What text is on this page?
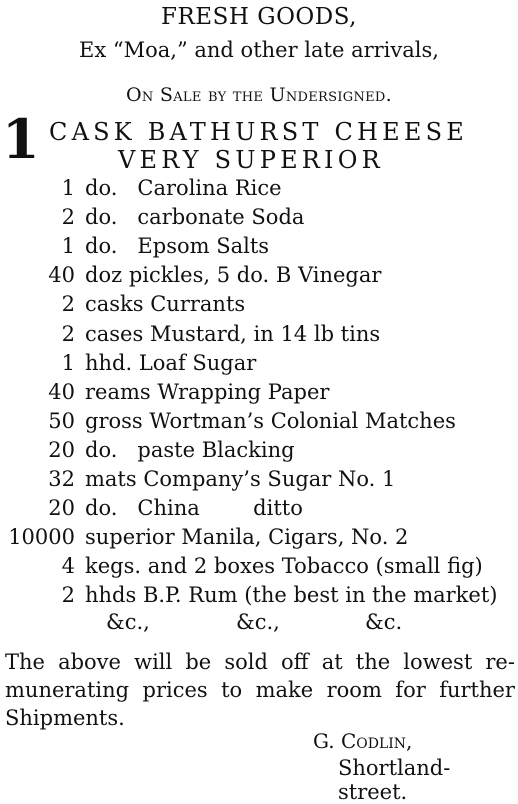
FRESH GOODS,
Ex “Moa,” and other late arrivals,
On Sale by the Undersigned.
1 CASK BATHURST CHEESE
VERY SUPERIOR
1 do.   Carolina Rice
2 do.   carbonate Soda
1 do.   Epsom Salts
40 doz pickles, 5 do. B Vinegar
2 casks Currants
2 cases Mustard, in 14 lb tins
1 hhd. Loaf Sugar
40 reams Wrapping Paper
50 gross Wortman’s Colonial Matches
20 do.   paste Blacking
32 mats Company’s Sugar No. 1
20 do.   China        ditto
10000 superior Manila, Cigars, No. 2
4 kegs. and 2 boxes Tobacco (small fig)
2 hhds B.P. Rum (the best in the market)
&c.,	&c.,	&c.
The above will be sold off at the lowest re-
munerating prices to make room for further
Shipments.
G. Codlin,
Shortland-street.
